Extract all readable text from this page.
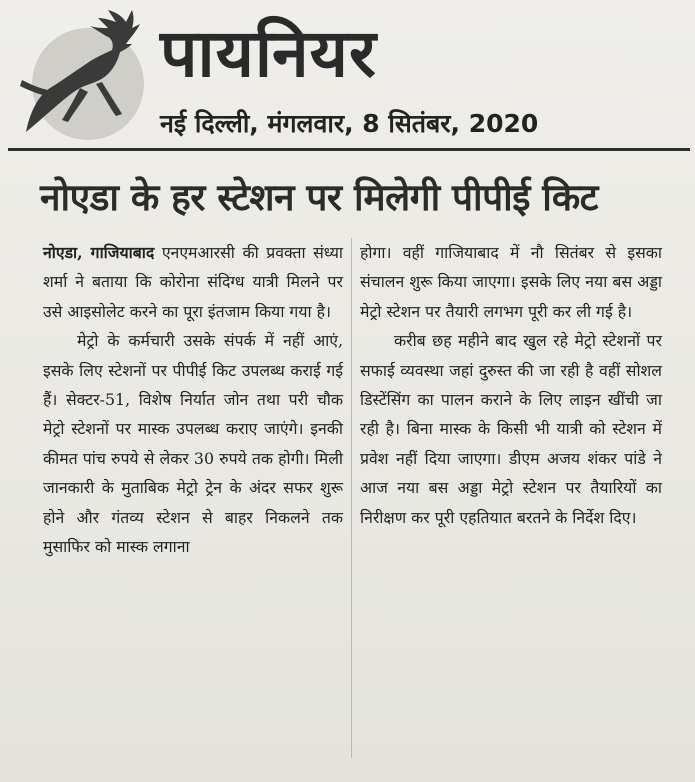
पायनियर
नई दिल्ली, मंगलवार, 8 सितंबर, 2020
नोएडा के हर स्टेशन पर मिलेगी पीपीई किट

नोएडा, गाजियाबाद एनएमआरसी की प्रवक्ता संध्या शर्मा ने बताया कि कोरोना संदिग्ध यात्री मिलने पर उसे आइसोलेट करने का पूरा इंतजाम किया गया है।

मेट्रो के कर्मचारी उसके संपर्क में नहीं आएं, इसके लिए स्टेशनों पर पीपीई किट उपलब्ध कराई गई हैं। सेक्टर-51, विशेष निर्यात जोन तथा परी चौक मेट्रो स्टेशनों पर मास्क उपलब्ध कराए जाएंगे। इनकी कीमत पांच रुपये से लेकर 30 रुपये तक होगी। मिली जानकारी के मुताबिक मेट्रो ट्रेन के अंदर सफर शुरू होने और गंतव्य स्टेशन से बाहर निकलने तक मुसाफिर को मास्क लगाना

होगा। वहीं गाजियाबाद में नौ सितंबर से इसका संचालन शुरू किया जाएगा। इसके लिए नया बस अड्डा मेट्रो स्टेशन पर तैयारी लगभग पूरी कर ली गई है।

करीब छह महीने बाद खुल रहे मेट्रो स्टेशनों पर सफाई व्यवस्था जहां दुरुस्त की जा रही है वहीं सोशल डिस्टेंसिंग का पालन कराने के लिए लाइन खींची जा रही है। बिना मास्क के किसी भी यात्री को स्टेशन में प्रवेश नहीं दिया जाएगा। डीएम अजय शंकर पांडे ने आज नया बस अड्डा मेट्रो स्टेशन पर तैयारियों का निरीक्षण कर पूरी एहतियात बरतने के निर्देश दिए।
